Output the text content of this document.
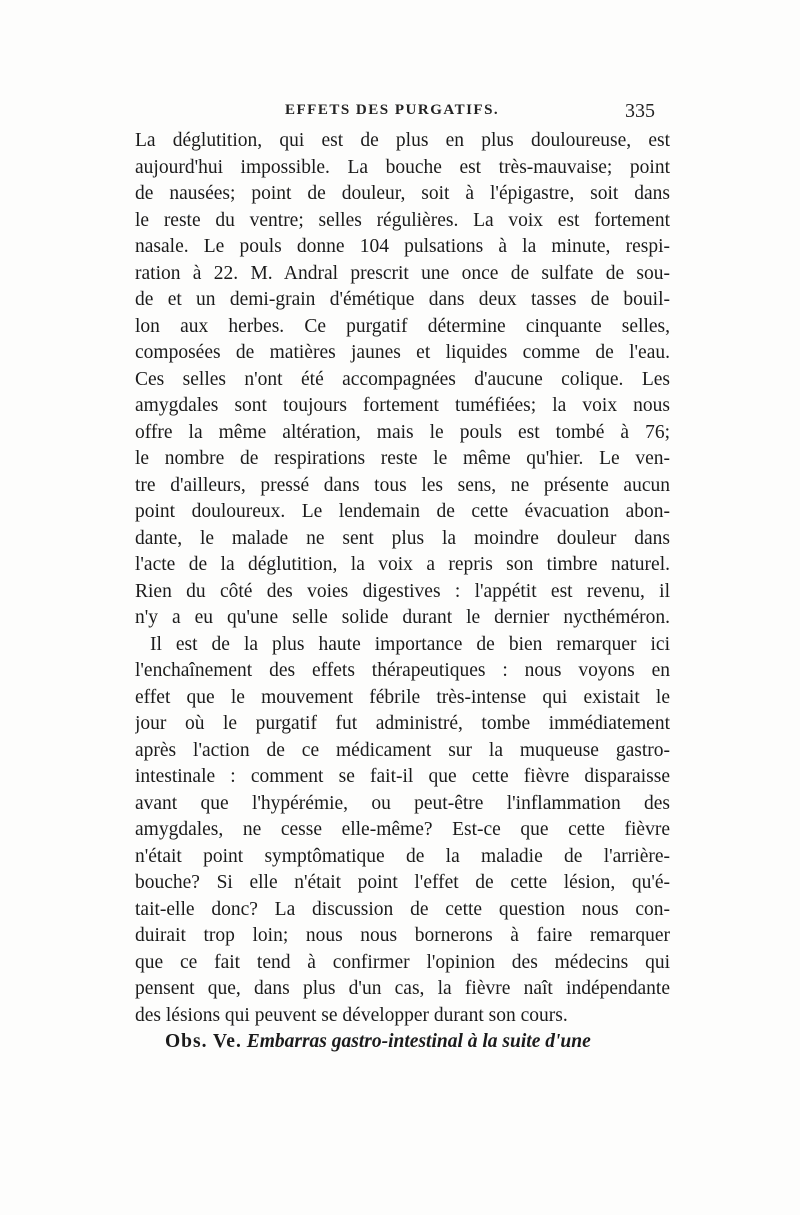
EFFETS DES PURGATIFS.	335
La déglutition, qui est de plus en plus douloureuse, est
aujourd'hui impossible. La bouche est très-mauvaise; point
de nausées; point de douleur, soit à l'épigastre, soit dans
le reste du ventre; selles régulières. La voix est fortement
nasale. Le pouls donne 104 pulsations à la minute, respi-
ration à 22. M. Andral prescrit une once de sulfate de sou-
de et un demi-grain d'émétique dans deux tasses de bouil-
lon aux herbes. Ce purgatif détermine cinquante selles,
composées de matières jaunes et liquides comme de l'eau.
Ces selles n'ont été accompagnées d'aucune colique. Les
amygdales sont toujours fortement tuméfiées; la voix nous
offre la même altération, mais le pouls est tombé à 76;
le nombre de respirations reste le même qu'hier. Le ven-
tre d'ailleurs, pressé dans tous les sens, ne présente aucun
point douloureux. Le lendemain de cette évacuation abon-
dante, le malade ne sent plus la moindre douleur dans
l'acte de la déglutition, la voix a repris son timbre naturel.
Rien du côté des voies digestives : l'appétit est revenu, il
n'y a eu qu'une selle solide durant le dernier nycthéméron.
Il est de la plus haute importance de bien remarquer ici
l'enchaînement des effets thérapeutiques : nous voyons en
effet que le mouvement fébrile très-intense qui existait le
jour où le purgatif fut administré, tombe immédiatement
après l'action de ce médicament sur la muqueuse gastro-
intestinale : comment se fait-il que cette fièvre disparaisse
avant que l'hypérémie, ou peut-être l'inflammation des
amygdales, ne cesse elle-même? Est-ce que cette fièvre
n'était point symptômatique de la maladie de l'arrière-
bouche? Si elle n'était point l'effet de cette lésion, qu'é-
tait-elle donc? La discussion de cette question nous con-
duirait trop loin; nous nous bornerons à faire remarquer
que ce fait tend à confirmer l'opinion des médecins qui
pensent que, dans plus d'un cas, la fièvre naît indépendante
des lésions qui peuvent se développer durant son cours.
Obs. Ve. Embarras gastro-intestinal à la suite d'une
